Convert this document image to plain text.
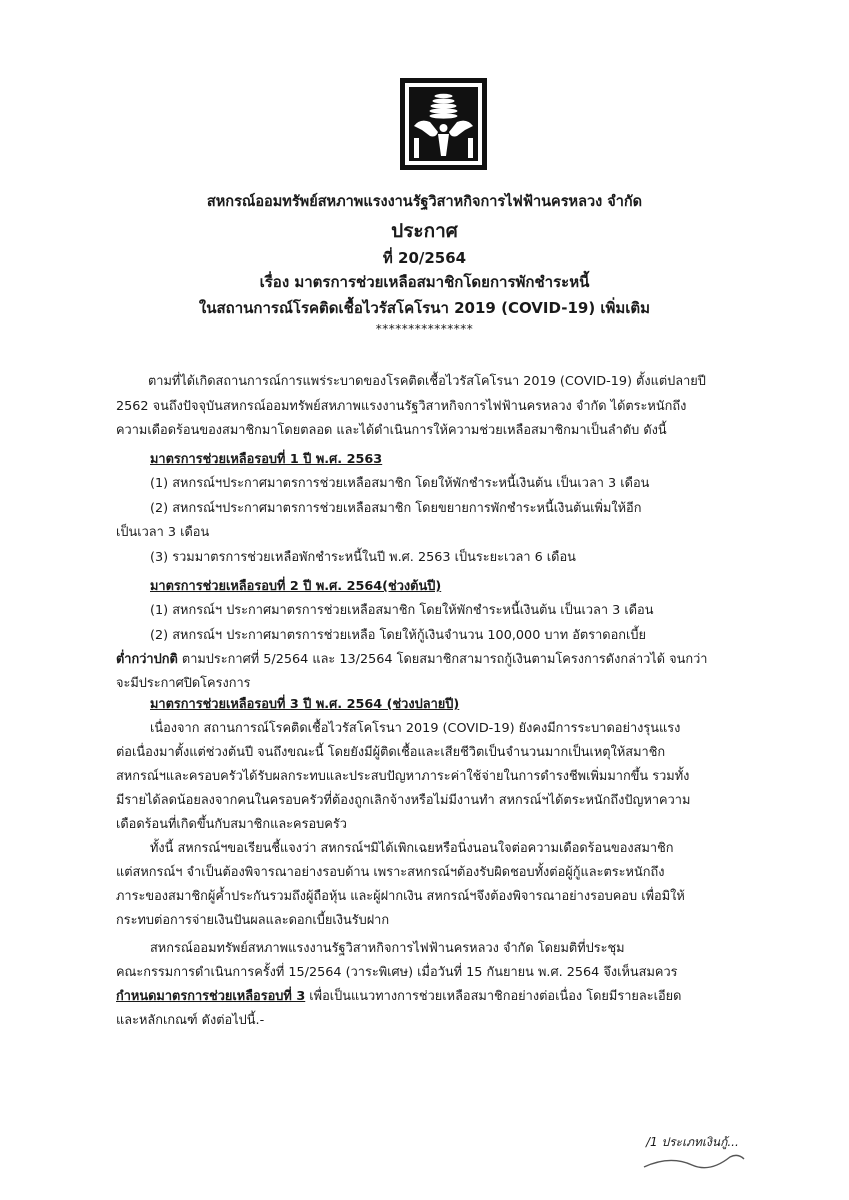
สหกรณ์ออมทรัพย์สหภาพแรงงานรัฐวิสาหกิจการไฟฟ้านครหลวง จำกัด
ประกาศ
ที่ 20/2564
เรื่อง มาตรการช่วยเหลือสมาชิกโดยการพักชำระหนี้
ในสถานการณ์โรคติดเชื้อไวรัสโคโรนา 2019 (COVID-19) เพิ่มเติม
***************
ตามที่ได้เกิดสถานการณ์การแพร่ระบาดของโรคติดเชื้อไวรัสโคโรนา 2019 (COVID-19) ตั้งแต่ปลายปี
2562 จนถึงปัจจุบันสหกรณ์ออมทรัพย์สหภาพแรงงานรัฐวิสาหกิจการไฟฟ้านครหลวง จำกัด ได้ตระหนักถึง
ความเดือดร้อนของสมาชิกมาโดยตลอด และได้ดำเนินการให้ความช่วยเหลือสมาชิกมาเป็นลำดับ ดังนี้
มาตรการช่วยเหลือรอบที่ 1 ปี พ.ศ. 2563
(1) สหกรณ์ฯประกาศมาตรการช่วยเหลือสมาชิก โดยให้พักชำระหนี้เงินต้น เป็นเวลา 3 เดือน
(2) สหกรณ์ฯประกาศมาตรการช่วยเหลือสมาชิก โดยขยายการพักชำระหนี้เงินต้นเพิ่มให้อีก
เป็นเวลา 3 เดือน
(3) รวมมาตรการช่วยเหลือพักชำระหนี้ในปี พ.ศ. 2563 เป็นระยะเวลา 6 เดือน
มาตรการช่วยเหลือรอบที่ 2 ปี พ.ศ. 2564(ช่วงต้นปี)
(1) สหกรณ์ฯ ประกาศมาตรการช่วยเหลือสมาชิก โดยให้พักชำระหนี้เงินต้น เป็นเวลา 3 เดือน
(2) สหกรณ์ฯ ประกาศมาตรการช่วยเหลือ โดยให้กู้เงินจำนวน 100,000 บาท อัตราดอกเบี้ย
ต่ำกว่าปกติ ตามประกาศที่ 5/2564 และ 13/2564 โดยสมาชิกสามารถกู้เงินตามโครงการดังกล่าวได้ จนกว่า
จะมีประกาศปิดโครงการ
มาตรการช่วยเหลือรอบที่ 3 ปี พ.ศ. 2564 (ช่วงปลายปี)
เนื่องจาก สถานการณ์โรคติดเชื้อไวรัสโคโรนา 2019 (COVID-19) ยังคงมีการระบาดอย่างรุนแรง
ต่อเนื่องมาตั้งแต่ช่วงต้นปี จนถึงขณะนี้ โดยยังมีผู้ติดเชื้อและเสียชีวิตเป็นจำนวนมากเป็นเหตุให้สมาชิก
สหกรณ์ฯและครอบครัวได้รับผลกระทบและประสบปัญหาภาระค่าใช้จ่ายในการดำรงชีพเพิ่มมากขึ้น รวมทั้ง
มีรายได้ลดน้อยลงจากคนในครอบครัวที่ต้องถูกเลิกจ้างหรือไม่มีงานทำ สหกรณ์ฯได้ตระหนักถึงปัญหาความ
เดือดร้อนที่เกิดขึ้นกับสมาชิกและครอบครัว
ทั้งนี้ สหกรณ์ฯขอเรียนชี้แจงว่า สหกรณ์ฯมิได้เพิกเฉยหรือนิ่งนอนใจต่อความเดือดร้อนของสมาชิก
แต่สหกรณ์ฯ จำเป็นต้องพิจารณาอย่างรอบด้าน เพราะสหกรณ์ฯต้องรับผิดชอบทั้งต่อผู้กู้และตระหนักถึง
ภาระของสมาชิกผู้ค้ำประกันรวมถึงผู้ถือหุ้น และผู้ฝากเงิน สหกรณ์ฯจึงต้องพิจารณาอย่างรอบคอบ เพื่อมิให้
กระทบต่อการจ่ายเงินปันผลและดอกเบี้ยเงินรับฝาก
สหกรณ์ออมทรัพย์สหภาพแรงงานรัฐวิสาหกิจการไฟฟ้านครหลวง จำกัด โดยมติที่ประชุม
คณะกรรมการดำเนินการครั้งที่ 15/2564 (วาระพิเศษ) เมื่อวันที่ 15 กันยายน พ.ศ. 2564 จึงเห็นสมควร
กำหนดมาตรการช่วยเหลือรอบที่ 3 เพื่อเป็นแนวทางการช่วยเหลือสมาชิกอย่างต่อเนื่อง โดยมีรายละเอียด
และหลักเกณฑ์ ดังต่อไปนี้.-
/1 ประเภทเงินกู้...
